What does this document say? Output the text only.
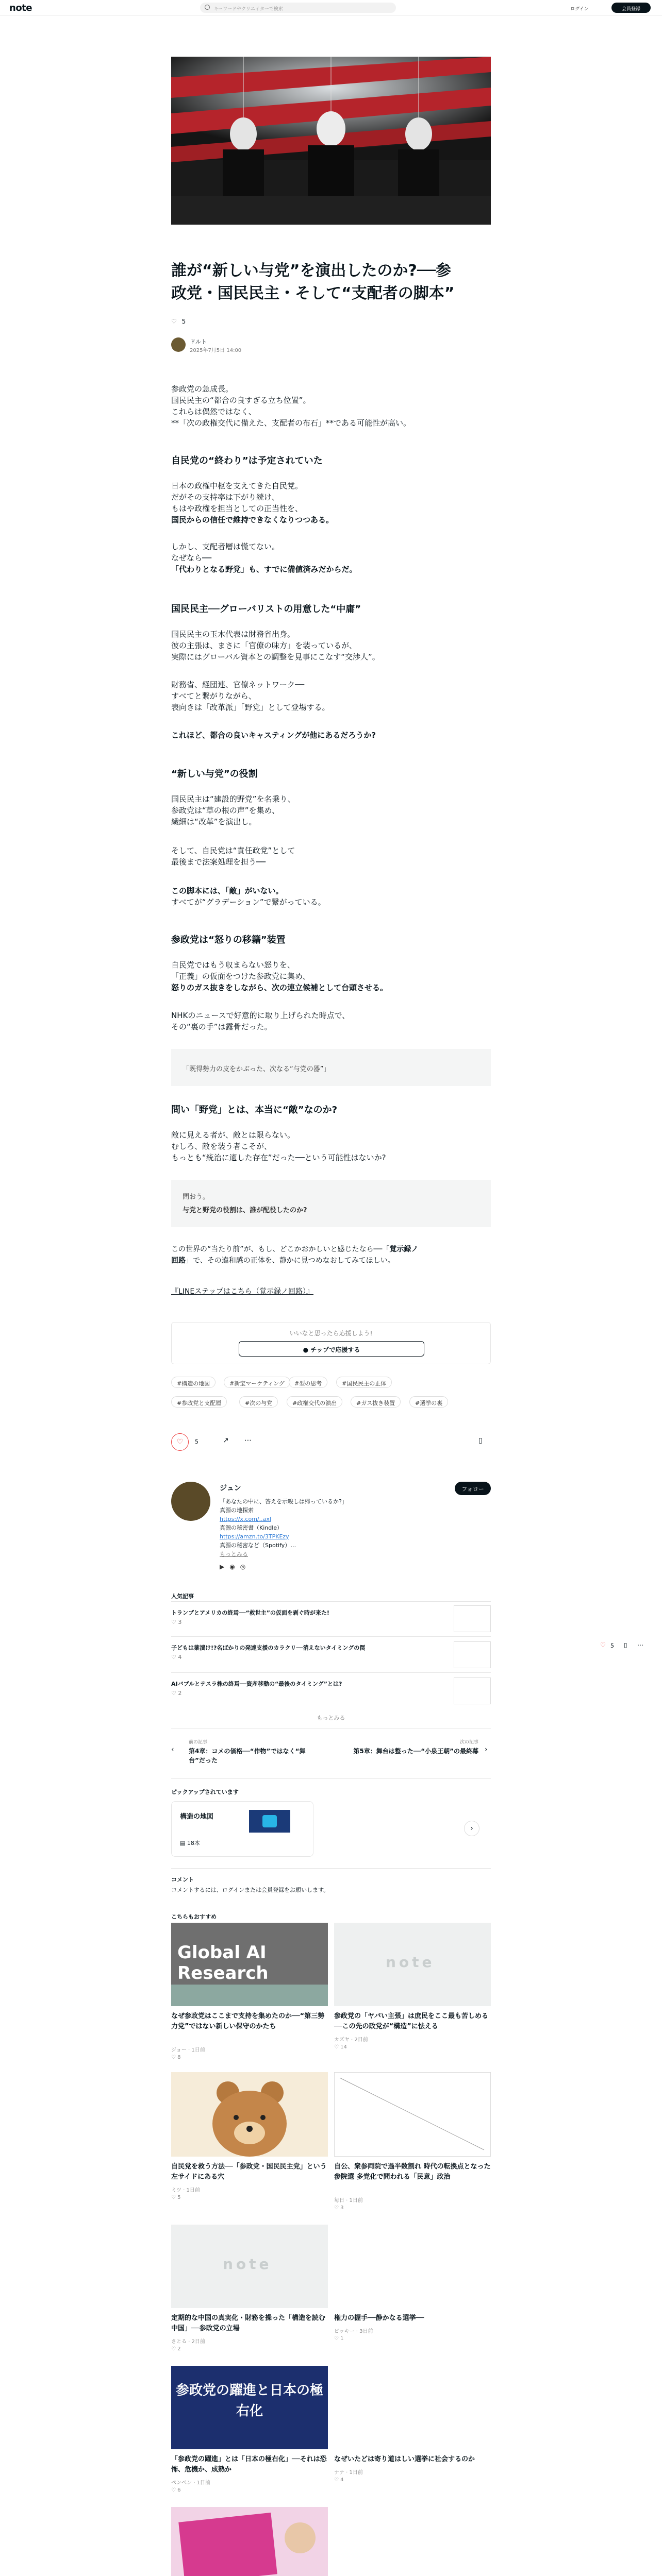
note	キーワードやクリエイターで検索	ログイン	会員登録
誰が“新しい与党”を演出したのか?──参
政党・国民民主・そして“支配者の脚本”
♡ 5
ドルト
2025年7月5日 14:00
参政党の急成長。
国民民主の“都合の良すぎる立ち位置”。
これらは偶然ではなく、
**「次の政権交代に備えた、支配者の布石」**である可能性が高い。
自民党の“終わり”は予定されていた
日本の政権中枢を支えてきた自民党。
だがその支持率は下がり続け、
もはや政権を担当としての正当性を、
国民からの信任で維持できなくなりつつある。
しかし、支配者層は慌てない。
なぜなら──
「代わりとなる野党」も、すでに備値済みだからだ。
国民民主──グローバリストの用意した“中庸”
国民民主の玉木代表は財務省出身。
彼の主張は、まさに「官僚の味方」を装っているが、
実際にはグローバル資本との調整を見事にこなす“交渉人”。
財務省、経団連、官僚ネットワーク──
すべてと繋がりながら、
表向きは「改革派」「野党」として登場する。
これほど、都合の良いキャスティングが他にあるだろうか?
“新しい与党”の役割
国民民主は“建設的野党”を名乗り、
参政党は“草の根の声”を集め、
繊細は“改革”を演出し。
そして、自民党は“責任政党”として
最後まで法案処理を担う──
この脚本には、「敵」がいない。
すべてが“グラデーション”で繋がっている。
参政党は“怒りの移籍”装置
自民党ではもう収まらない怒りを、
「正義」の仮面をつけた参政党に集め、
怒りのガス抜きをしながら、次の連立候補として台頭させる。
NHKのニュースで好意的に取り上げられた時点で、
その“裏の手”は露骨だった。
「既得勢力の皮をかぶった、次なる“与党の器”」
問い「野党」とは、本当に“敵”なのか?
敵に見える者が、敵とは限らない。
むしろ、敵を装う者こそが、
もっとも“統治に適した存在”だった──という可能性はないか?
問おう。
与党と野党の役割は、誰が配役したのか?
この世界の“当たり前”が、もし、どこかおかしいと感じたなら──「覚示録ノ
回路」で、その違和感の正体を、静かに見つめなおしてみてほしい。
『LINEステップはこちら（覚示録ノ回路）』
いいなと思ったら応援しよう!
● チップで応援する
#構造の地図	#新宝マーケティング	#型の思考	#国民民主の正体
#参政党と支配層	#次の与党	#政権交代の演出	#ガス抜き装置	#選挙の裏
♡	5	↗ ⋯	▯
ジュン	フォロー
「あなたの中に、答えを示唆しは帰っているか?」
真源の地探索
https://x.com/..axl
真源の秘密書（Kindle）
https://amzn.to/3TPKEzy
真源の秘密など（Spotify）…
もっとみる
▶◉◎
人気記事
トランプとアメリカの終焉──“救世主”の仮面を剥ぐ時が来た!
♡ 3
子どもは薬漬け!?名ばかりの発達支援のカラクリ──消えないタイミングの罠
♡ 4
AIバブルとテスラ株の終焉──資産移動の“最後のタイミング”とは?
♡ 2
もっとみる
‹
前の記事
第4章：コメの価格──“作物”ではなく“舞台”だった
次の記事
第5章：舞台は整った──“小泉王朝”の最終幕 ›
ピックアップされています
構造の地図
▤ 18本
›
コメント
コメントするには、ログインまたは会員登録をお願いします。
こちらもおすすめ
Global AI Research
なぜ参政党はここまで支持を集めたのか──“第三勢力党”ではない新しい保守のかたち
ジョー · 1日前
♡ 8
note
参政党の「ヤバい主張」は庶民をここ最も苦しめる──この先の政党が“構造”に怯える
カズヤ · 2日前
♡ 14
自民党を救う方法──「参政党・国民民主党」という左サイドにある穴
ミツ · 1日前
♡ 5
自公、衆参両院で過半数割れ 時代の転換点となった参院選 多党化で問われる「民意」政治
毎日 · 1日前
♡ 3
note
定期的な中国の真実化・財務を操った「構造を読む中国」──参政党の立場
さとる · 2日前
♡ 2
権力の握手──静かなる選挙──
ピッキー · 3日前
♡ 1
参政党の躍進と日本の極右化
「参政党の躍進」とは「日本の極右化」──それは恐怖、危機か、成熟か
ペンペン · 1日前
♡ 6
なぜいたどは寄り道はしい選挙に社会するのか
ナナ · 1日前
♡ 4
♡ 5 ▯ ⋯
